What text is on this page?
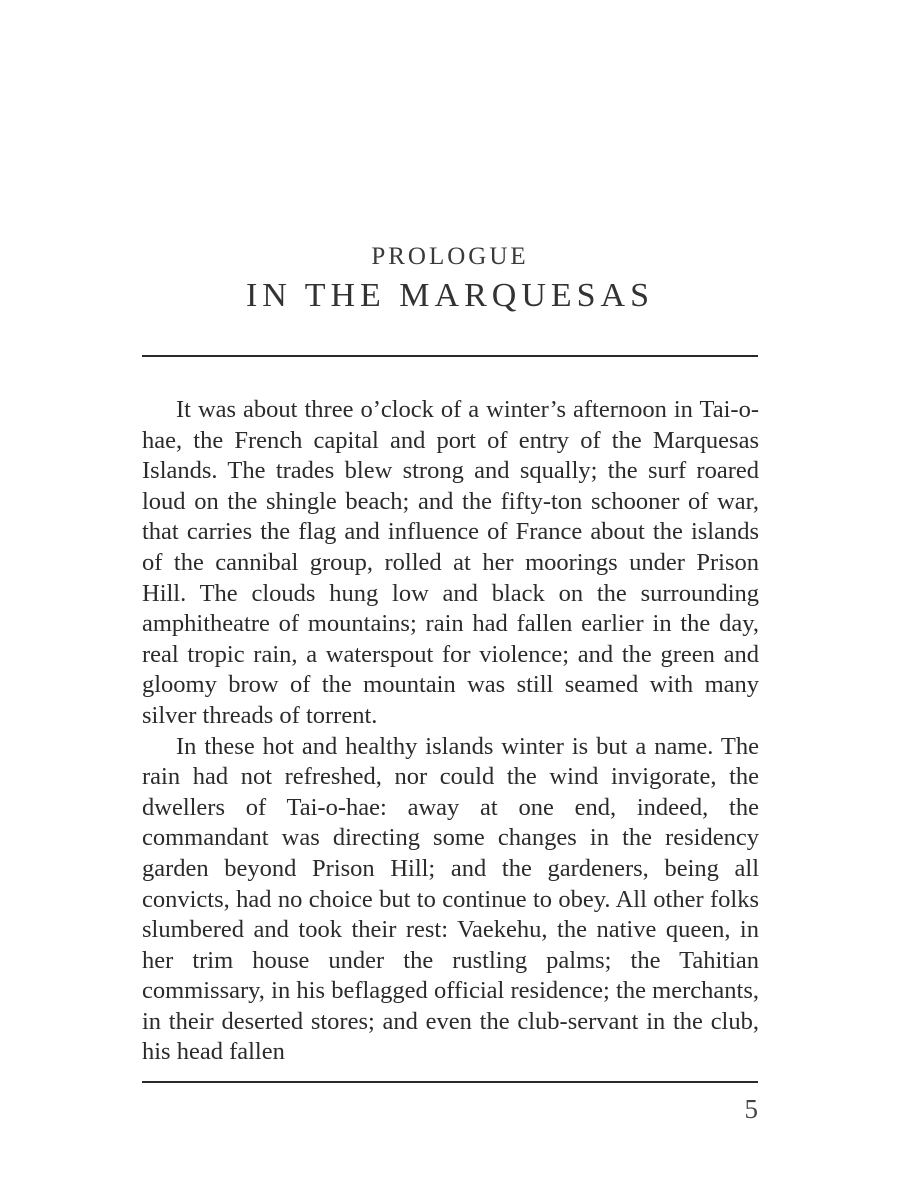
PROLOGUE
IN THE MARQUESAS

It was about three o’clock of a winter’s afternoon in Tai-o-hae, the French capital and port of entry of the Marquesas Islands. The trades blew strong and squally; the surf roared loud on the shingle beach; and the fifty-ton schooner of war, that carries the flag and influence of France about the islands of the cannibal group, rolled at her moorings under Prison Hill. The clouds hung low and black on the surrounding amphitheatre of mountains; rain had fallen earlier in the day, real tropic rain, a waterspout for violence; and the green and gloomy brow of the mountain was still seamed with many silver threads of torrent.

In these hot and healthy islands winter is but a name. The rain had not refreshed, nor could the wind invigorate, the dwellers of Tai-o-hae: away at one end, indeed, the commandant was directing some changes in the residency garden beyond Prison Hill; and the gardeners, being all convicts, had no choice but to continue to obey. All other folks slumbered and took their rest: Vaekehu, the native queen, in her trim house under the rustling palms; the Tahitian commissary, in his beflagged official residence; the merchants, in their deserted stores; and even the club-servant in the club, his head fallen

5
